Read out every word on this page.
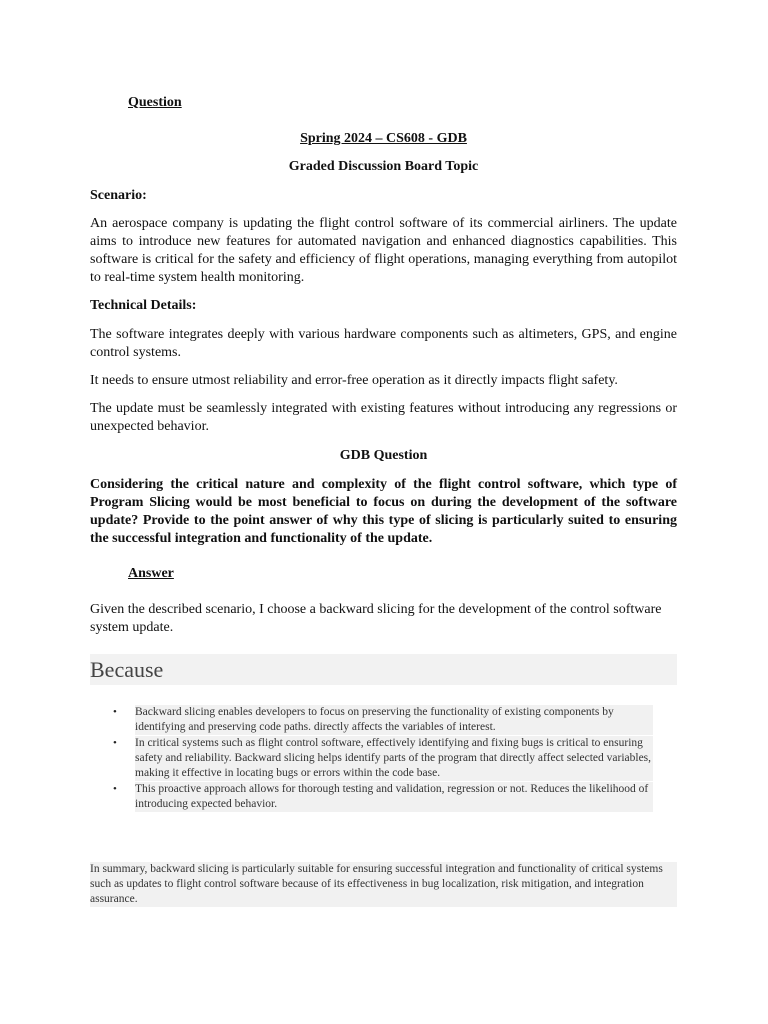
Question
Spring 2024 – CS608 - GDB
Graded Discussion Board Topic
Scenario:
An aerospace company is updating the flight control software of its commercial airliners. The update aims to introduce new features for automated navigation and enhanced diagnostics capabilities. This software is critical for the safety and efficiency of flight operations, managing everything from autopilot to real-time system health monitoring.
Technical Details:
The software integrates deeply with various hardware components such as altimeters, GPS, and engine control systems.
It needs to ensure utmost reliability and error-free operation as it directly impacts flight safety.
The update must be seamlessly integrated with existing features without introducing any regressions or unexpected behavior.
GDB Question
Considering the critical nature and complexity of the flight control software, which type of Program Slicing would be most beneficial to focus on during the development of the software update? Provide to the point answer of why this type of slicing is particularly suited to ensuring the successful integration and functionality of the update.
Answer
Given the described scenario, I choose a backward slicing for the development of the control software system update.
Because
• Backward slicing enables developers to focus on preserving the functionality of existing components by identifying and preserving code paths. directly affects the variables of interest.
• In critical systems such as flight control software, effectively identifying and fixing bugs is critical to ensuring safety and reliability. Backward slicing helps identify parts of the program that directly affect selected variables, making it effective in locating bugs or errors within the code base.
• This proactive approach allows for thorough testing and validation, regression or not. Reduces the likelihood of introducing expected behavior.
In summary, backward slicing is particularly suitable for ensuring successful integration and functionality of critical systems such as updates to flight control software because of its effectiveness in bug localization, risk mitigation, and integration assurance.
